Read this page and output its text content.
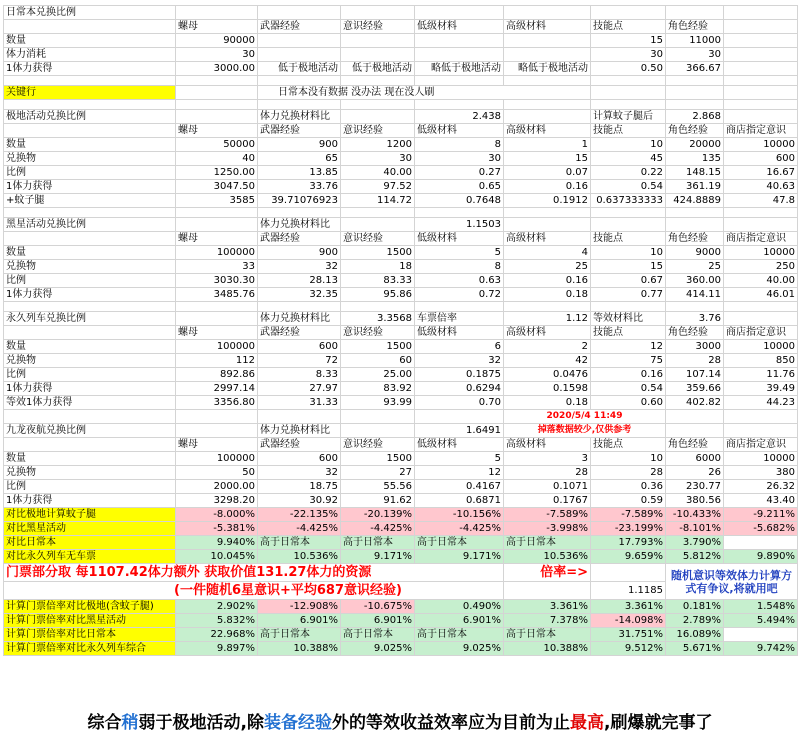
日常本兑换比例								
	螺母	武器经验	意识经验	低级材料	高级材料	技能点	角色经验	
数量	90000					15	11000	
体力消耗	30					30	30	
1体力获得	3000.00	低于极地活动	低于极地活动	略低于极地活动	略低于极地活动	0.50	366.67	

关键行		日常本没有数据 没办法 现在没人刷						

极地活动兑换比例		体力兑换材料比		2.438		计算蚊子腿后	2.868	
	螺母	武器经验	意识经验	低级材料	高级材料	技能点	角色经验	商店指定意识
数量	50000	900	1200	8	1	10	20000	10000
兑换物	40	65	30	30	15	45	135	600
比例	1250.00	13.85	40.00	0.27	0.07	0.22	148.15	16.67
1体力获得	3047.50	33.76	97.52	0.65	0.16	0.54	361.19	40.63
+蚊子腿	3585	39.71076923	114.72	0.7648	0.1912	0.637333333	424.8889	47.8

黑星活动兑换比例		体力兑换材料比		1.1503				
	螺母	武器经验	意识经验	低级材料	高级材料	技能点	角色经验	商店指定意识
数量	100000	900	1500	5	4	10	9000	10000
兑换物	33	32	18	8	25	15	25	250
比例	3030.30	28.13	83.33	0.63	0.16	0.67	360.00	40.00
1体力获得	3485.76	32.35	95.86	0.72	0.18	0.77	414.11	46.01

永久列车兑换比例		体力兑换材料比	3.3568	车票倍率	1.12	等效材料比	3.76	
	螺母	武器经验	意识经验	低级材料	高级材料	技能点	角色经验	商店指定意识
数量	100000	600	1500	6	2	12	3000	10000
兑换物	112	72	60	32	42	75	28	850
比例	892.86	8.33	25.00	0.1875	0.0476	0.16	107.14	11.76
1体力获得	2997.14	27.97	83.92	0.6294	0.1598	0.54	359.66	39.49
等效1体力获得	3356.80	31.33	93.99	0.70	0.18	0.60	402.82	44.23
					2020/5/4 11:49			
九龙夜航兑换比例		体力兑换材料比		1.6491	掉落数据较少,仅供参考			
	螺母	武器经验	意识经验	低级材料	高级材料	技能点	角色经验	商店指定意识
数量	100000	600	1500	5	3	10	6000	10000
兑换物	50	32	27	12	28	28	26	380
比例	2000.00	18.75	55.56	0.4167	0.1071	0.36	230.77	26.32
1体力获得	3298.20	30.92	91.62	0.6871	0.1767	0.59	380.56	43.40
对比极地计算蚊子腿	-8.000%	-22.135%	-20.139%	-10.156%	-7.589%	-7.589%	-10.433%	-9.211%
对比黑星活动	-5.381%	-4.425%	-4.425%	-4.425%	-3.998%	-23.199%	-8.101%	-5.682%
对比日常本	9.940%	高于日常本	高于日常本	高于日常本	高于日常本	17.793%	3.790%	
对比永久列车无车票	10.045%	10.536%	9.171%	9.171%	10.536%	9.659%	5.812%	9.890%
门票部分取 每1107.42体力额外 获取价值131.27体力的资源					倍率=>		随机意识等效体力计算方式有争议,将就用吧	
(一件随机6星意识+平均687意识经验)						1.1185		
计算门票倍率对比极地(含蚊子腿)	2.902%	-12.908%	-10.675%	0.490%	3.361%	3.361%	0.181%	1.548%
计算门票倍率对比黑星活动	5.832%	6.901%	6.901%	6.901%	7.378%	-14.098%	2.789%	5.494%
计算门票倍率对比日常本	22.968%	高于日常本	高于日常本	高于日常本	高于日常本	31.751%	16.089%	
计算门票倍率对比永久列车综合	9.897%	10.388%	9.025%	9.025%	10.388%	9.512%	5.671%	9.742%
综合稍弱于极地活动,除装备经验外的等效收益效率应为目前为止最高,刷爆就完事了
